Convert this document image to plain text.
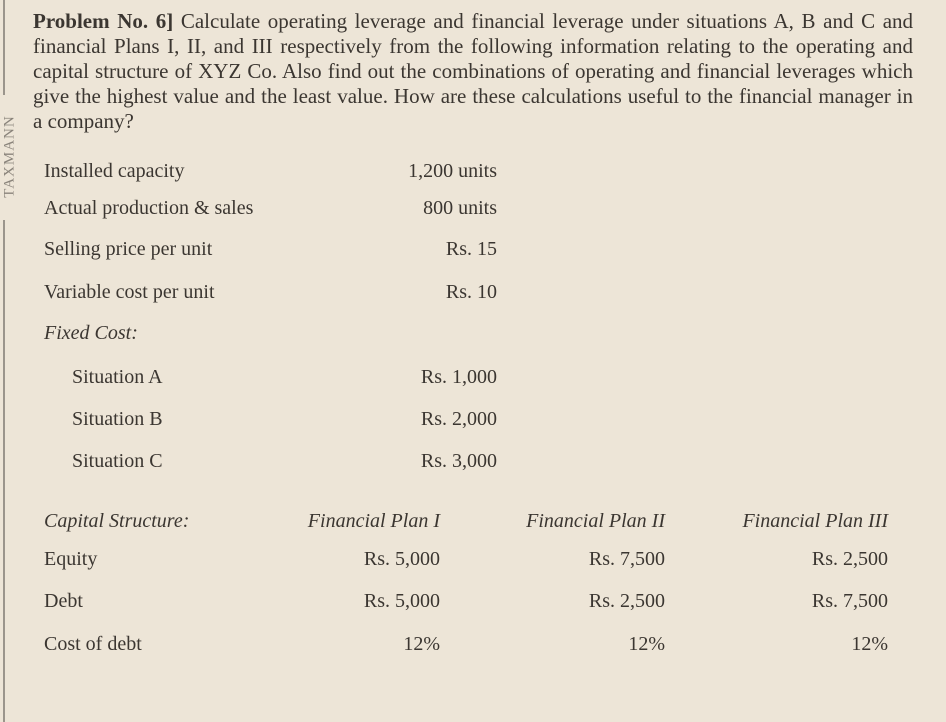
TAXMANN
Problem No. 6] Calculate operating leverage and financial leverage under situations A, B and C and financial Plans I, II, and III respectively from the following information relating to the operating and capital structure of XYZ Co. Also find out the combinations of operating and financial leverages which give the highest value and the least value. How are these calculations useful to the financial manager in a company?
Installed capacity	1,200 units
Actual production & sales	800 units
Selling price per unit	Rs. 15
Variable cost per unit	Rs. 10
Fixed Cost:
Situation A	Rs. 1,000
Situation B	Rs. 2,000
Situation C	Rs. 3,000
Capital Structure:	Financial Plan I	Financial Plan II	Financial Plan III
Equity	Rs. 5,000	Rs. 7,500	Rs. 2,500
Debt	Rs. 5,000	Rs. 2,500	Rs. 7,500
Cost of debt	12%	12%	12%
